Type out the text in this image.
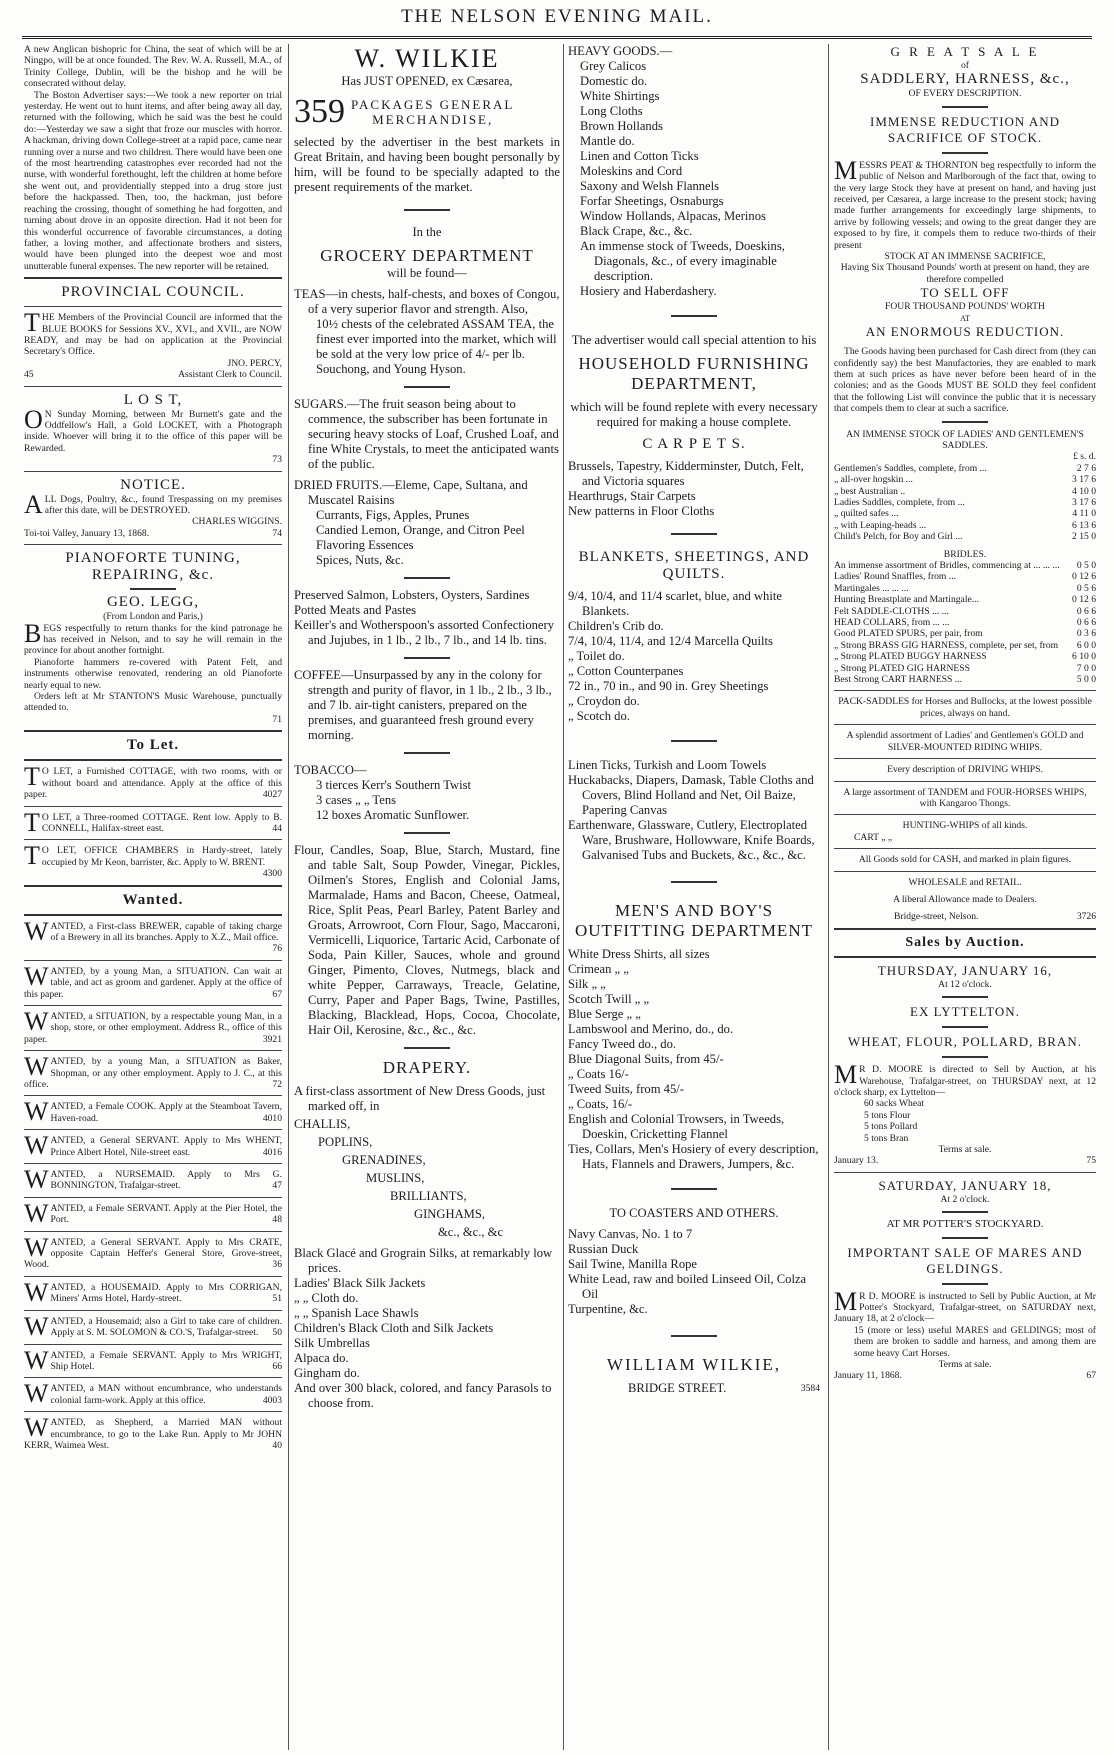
THE NELSON EVENING MAIL.

A new Anglican bishopric for China, the seat of which will be at Ningpo, will be at once founded. The Rev. W. A. Russell, M.A., of Trinity College, Dublin, will be the bishop and he will be consecrated without delay.

The Boston Advertiser says:—We took a new reporter on trial yesterday. He went out to hunt items, and after being away all day, returned with the following, which he said was the best he could do:—Yesterday we saw a sight that froze our muscles with horror. A hackman, driving down College-street at a rapid pace, came near running over a nurse and two children. There would have been one of the most heartrending catastrophes ever recorded had not the nurse, with wonderful forethought, left the children at home before she went out, and providentially stepped into a drug store just before the hackpassed. Then, too, the hackman, just before reaching the crossing, thought of something he had forgotten, and turning about drove in an opposite direction. Had it not been for this wonderful occurrence of favorable circumstances, a doting father, a loving mother, and affectionate brothers and sisters, would have been plunged into the deepest woe and most unutterable funeral expenses. The new reporter will be retained.

PROVINCIAL COUNCIL.

THE Members of the Provincial Council are informed that the BLUE BOOKS for Sessions XV., XVI., and XVII., are NOW READY, and may be had on application at the Provincial Secretary's Office.

JNO. PERCY,

45	Assistant Clerk to Council.

L O S T,

O N Sunday Morning, between Mr Burnett's gate and the Oddfellow's Hall, a Gold LOCKET, with a Photograph inside. Whoever will bring it to the office of this paper will be Rewarded.

73

NOTICE.

ALL Dogs, Poultry, &c., found Trespassing on my premises after this date, will be DESTROYED.

CHARLES WIGGINS.

Toi-toi Valley, January 13, 1868.	74

PIANOFORTE TUNING, REPAIRING, &c.

GEO. LEGG,

(From London and Paris,)

BEGS respectfully to return thanks for the kind patronage he has received in Nelson, and to say he will remain in the province for about another fortnight.

Pianoforte hammers re-covered with Patent Felt, and instruments otherwise renovated, rendering an old Pianoforte nearly equal to new.

Orders left at Mr STANTON'S Music Warehouse, punctually attended to.

71

To Let.

T O LET, a Furnished COTTAGE, with two rooms, with or without board and attendance. Apply at the office of this paper.	4027
T O LET, a Three-roomed COTTAGE. Rent low. Apply to B. CONNELL, Halifax-street east.	44
T O LET, OFFICE CHAMBERS in Hardy-street, lately occupied by Mr Keon, barrister, &c. Apply to W. BRENT.
4300

Wanted.

WANTED, a First-class BREWER, capable of taking charge of a Brewery in all its branches. Apply to X.Z., Mail office.
76
WANTED, by a young Man, a SITUATION. Can wait at table, and act as groom and gardener. Apply at the office of this paper.	67
WANTED, a SITUATION, by a respectable young Man, in a shop, store, or other employment. Address R., office of this paper.	3921
WANTED, by a young Man, a SITUATION as Baker, Shopman, or any other employment. Apply to J. C., at this office.	72
WANTED, a Female COOK. Apply at the Steamboat Tavern, Haven-road.	4010
WANTED, a General SERVANT. Apply to Mrs WHENT, Prince Albert Hotel, Nile-street east.	4016
WANTED, a NURSEMAID. Apply to Mrs G. BONNINGTON, Trafalgar-street.	47
WANTED, a Female SERVANT. Apply at the Pier Hotel, the Port.	48
WANTED, a General SERVANT. Apply to Mrs CRATE, opposite Captain Heffer's General Store, Grove-street, Wood.	36
WANTED, a HOUSEMAID. Apply to Mrs CORRIGAN, Miners' Arms Hotel, Hardy-street.	51
WANTED, a Housemaid; also a Girl to take care of children. Apply at S. M. SOLOMON & CO.'S, Trafalgar-street. 50
WANTED, a Female SERVANT. Apply to Mrs WRIGHT, Ship Hotel.	66
WANTED, a MAN without encumbrance, who understands colonial farm-work. Apply at this office.	4003
WANTED, as Shepherd, a Married MAN without encumbrance, to go to the Lake Run. Apply to Mr JOHN KERR, Waimea West.	40

W. WILKIE

Has JUST OPENED, ex Cæsarea,

359 PACKAGES GENERAL
MERCHANDISE,

selected by the advertiser in the best markets in Great Britain, and having been bought personally by him, will be found to be specially adapted to the present requirements of the market.

In the

GROCERY DEPARTMENT

will be found—

TEAS—in chests, half-chests, and boxes of Congou, of a very superior flavor and strength. Also,

10½ chests of the celebrated ASSAM TEA, the finest ever imported into the market, which will be sold at the very low price of 4/- per lb.

Souchong, and Young Hyson.

SUGARS.—The fruit season being about to commence, the subscriber has been fortunate in securing heavy stocks of Loaf, Crushed Loaf, and fine White Crystals, to meet the anticipated wants of the public.

DRIED FRUITS.—Eleme, Cape, Sultana, and Muscatel Raisins

Currants, Figs, Apples, Prunes

Candied Lemon, Orange, and Citron Peel

Flavoring Essences

Spices, Nuts, &c.

Preserved Salmon, Lobsters, Oysters, Sardines

Potted Meats and Pastes

Keiller's and Wotherspoon's assorted Confectionery and Jujubes, in 1 lb., 2 lb., 7 lb., and 14 lb. tins.

COFFEE—Unsurpassed by any in the colony for strength and purity of flavor, in 1 lb., 2 lb., 3 lb., and 7 lb. air-tight canisters, prepared on the premises, and guaranteed fresh ground every morning.

TOBACCO—

3 tierces Kerr's Southern Twist

3 cases „ „ Tens

12 boxes Aromatic Sunflower.

Flour, Candles, Soap, Blue, Starch, Mustard, fine and table Salt, Soup Powder, Vinegar, Pickles, Oilmen's Stores, English and Colonial Jams, Marmalade, Hams and Bacon, Cheese, Oatmeal, Rice, Split Peas, Pearl Barley, Patent Barley and Groats, Arrowroot, Corn Flour, Sago, Maccaroni, Vermicelli, Liquorice, Tartaric Acid, Carbonate of Soda, Pain Killer, Sauces, whole and ground Ginger, Pimento, Cloves, Nutmegs, black and white Pepper, Carraways, Treacle, Gelatine, Curry, Paper and Paper Bags, Twine, Pastilles, Blacking, Blacklead, Hops, Cocoa, Chocolate, Hair Oil, Kerosine, &c., &c., &c.

DRAPERY.

A first-class assortment of New Dress Goods, just marked off, in

CHALLIS,

POPLINS,

GRENADINES,

MUSLINS,

BRILLIANTS,

GINGHAMS,

&c., &c., &c

Black Glacé and Grograin Silks, at remarkably low prices.

Ladies' Black Silk Jackets

„ „ Cloth do.

„ „ Spanish Lace Shawls

Children's Black Cloth and Silk Jackets

Silk Umbrellas

Alpaca do.

Gingham do.

And over 300 black, colored, and fancy Parasols to choose from.

HEAVY GOODS.—

Grey Calicos

Domestic do.

White Shirtings

Long Cloths

Brown Hollands

Mantle do.

Linen and Cotton Ticks

Moleskins and Cord

Saxony and Welsh Flannels

Forfar Sheetings, Osnaburgs

Window Hollands, Alpacas, Merinos

Black Crape, &c., &c.

An immense stock of Tweeds, Doeskins, Diagonals, &c., of every imaginable description.

Hosiery and Haberdashery.

The advertiser would call special attention to his

HOUSEHOLD FURNISHING

DEPARTMENT,

which will be found replete with every necessary required for making a house complete.

C A R P E T S.

Brussels, Tapestry, Kidderminster, Dutch, Felt, and Victoria squares

Hearthrugs, Stair Carpets

New patterns in Floor Cloths

BLANKETS, SHEETINGS, AND

QUILTS.

9/4, 10/4, and 11/4 scarlet, blue, and white Blankets.

Children's Crib do.

7/4, 10/4, 11/4, and 12/4 Marcella Quilts

„ Toilet do.

„ Cotton Counterpanes

72 in., 70 in., and 90 in. Grey Sheetings

„ Croydon do.

„ Scotch do.

Linen Ticks, Turkish and Loom Towels

Huckabacks, Diapers, Damask, Table Cloths and Covers, Blind Holland and Net, Oil Baize, Papering Canvas

Earthenware, Glassware, Cutlery, Electroplated Ware, Brushware, Hollowware, Knife Boards, Galvanised Tubs and Buckets, &c., &c., &c.

MEN'S AND BOY'S

OUTFITTING DEPARTMENT

White Dress Shirts, all sizes

Crimean „ „

Silk „ „

Scotch Twill „ „

Blue Serge „ „

Lambswool and Merino, do., do.

Fancy Tweed do., do.

Blue Diagonal Suits, from 45/-

„ Coats 16/-

Tweed Suits, from 45/-

„ Coats, 16/-

English and Colonial Trowsers, in Tweeds, Doeskin, Cricketting Flannel

Ties, Collars, Men's Hosiery of every description, Hats, Flannels and Drawers, Jumpers, &c.

TO COASTERS AND OTHERS.

Navy Canvas, No. 1 to 7

Russian Duck

Sail Twine, Manilla Rope

White Lead, raw and boiled Linseed Oil, Colza Oil

Turpentine, &c.

WILLIAM WILKIE,

BRIDGE STREET.	3584

G R E A T S A L E

of

SADDLERY, HARNESS, &c.,

OF EVERY DESCRIPTION.

IMMENSE REDUCTION AND SACRIFICE OF STOCK.

MESSRS PEAT & THORNTON beg respectfully to inform the public of Nelson and Marlborough of the fact that, owing to the very large Stock they have at present on hand, and having just received, per Cæsarea, a large increase to the present stock; having made further arrangements for exceedingly large shipments, to arrive by following vessels; and owing to the great danger they are exposed to by fire, it compels them to reduce two-thirds of their present

STOCK AT AN IMMENSE SACRIFICE,

Having Six Thousand Pounds' worth at present on hand, they are therefore compelled

TO SELL OFF

FOUR THOUSAND POUNDS' WORTH

AT

AN ENORMOUS REDUCTION.

The Goods having been purchased for Cash direct from (they can confidently say) the best Manufactories, they are enabled to mark them at such prices as have never before been heard of in the colonies; and as the Goods MUST BE SOLD they feel confident that the following List will convince the public that it is necessary that compels them to clear at such a sacrifice.

AN IMMENSE STOCK OF LADIES' AND GENTLEMEN'S SADDLES.

£ s. d.

Gentlemen's Saddles, complete, from ...	2 7 6
„ all-over hogskin ...	3 17 6
„ best Australian ..	4 10 0
Ladies Saddles, complete, from ...	3 17 6
„ quilted safes ...	4 11 0
„ with Leaping-heads ...	6 13 6
Child's Pelch, for Boy and Girl ...	2 15 0

BRIDLES.

An immense assortment of Bridles, commencing at ... ... ... 0 5 0
Ladies' Round Snaffles, from ...	0 12 6
Martingales ... ... ...	0 5 6
Hunting Breastplate and Martingale...	0 12 6
Felt SADDLE-CLOTHS ... ...	0 6 6
HEAD COLLARS, from ... ...	0 6 6
Good PLATED SPURS, per pair, from	0 3 6
„ Strong BRASS GIG HARNESS, complete, per set, from 6 0 0
„ Strong PLATED BUGGY HARNESS	6 10 0
„ Strong PLATED GIG HARNESS	7 0 0
Best Strong CART HARNESS ...	5 0 0

PACK-SADDLES for Horses and Bullocks, at the lowest possible prices, always on hand.

A splendid assortment of Ladies' and Gentlemen's GOLD and SILVER-MOUNTED RIDING WHIPS.

Every description of DRIVING WHIPS.

A large assortment of TANDEM and FOUR-HORSES WHIPS, with Kangaroo Thongs.

HUNTING-WHIPS of all kinds.

CART „ „

All Goods sold for CASH, and marked in plain figures.

WHOLESALE and RETAIL.

A liberal Allowance made to Dealers.

Bridge-street, Nelson.	3726

Sales by Auction.

THURSDAY, JANUARY 16,

At 12 o'clock.

EX LYTTELTON.

WHEAT, FLOUR, POLLARD, BRAN.

M R D. MOORE is directed to Sell by Auction, at his Warehouse, Trafalgar-street, on THURSDAY next, at 12 o'clock sharp, ex Lyttelton—

60 sacks Wheat

5 tons Flour

5 tons Pollard

5 tons Bran

Terms at sale.

January 13.	75

SATURDAY, JANUARY 18,

At 2 o'clock.

AT MR POTTER'S STOCKYARD.

IMPORTANT SALE OF MARES AND GELDINGS.

M R D. MOORE is instructed to Sell by Public Auction, at Mr Potter's Stockyard, Trafalgar-street, on SATURDAY next, January 18, at 2 o'clock—

15 (more or less) useful MARES and GELDINGS; most of them are broken to saddle and harness, and among them are some heavy Cart Horses.

Terms at sale.

January 11, 1868.	67
